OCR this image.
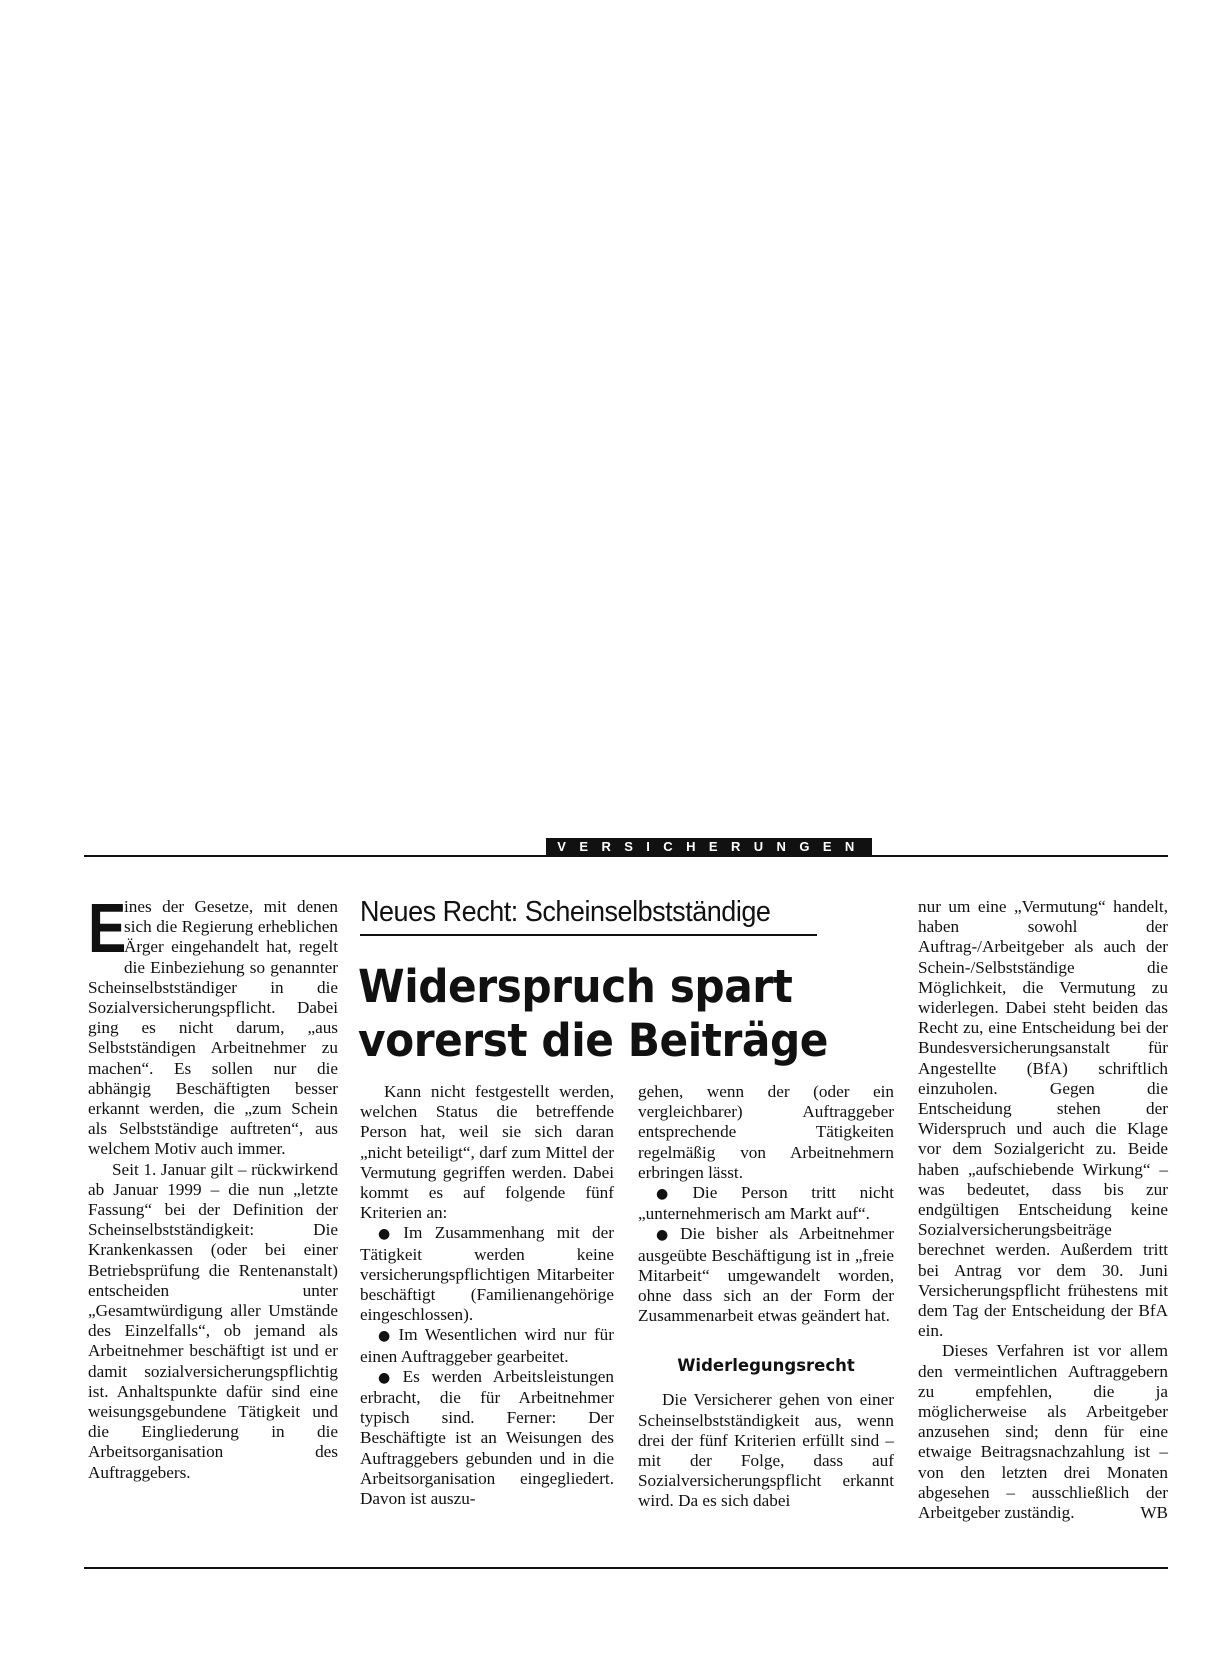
VERSICHERUNGEN

E
ines der Gesetze, mit denen sich die Regierung erheblichen Ärger eingehandelt hat, regelt die Einbeziehung so genannter Scheinselbstständiger in die Sozialversicherungspflicht. Dabei ging es nicht darum, „aus Selbstständigen Arbeitnehmer zu machen“. Es sollen nur die abhängig Beschäftigten besser erkannt werden, die „zum Schein als Selbstständige auftreten“, aus welchem Motiv auch immer.

Seit 1. Januar gilt – rückwirkend ab Januar 1999 – die nun „letzte Fassung“ bei der Definition der Scheinselbstständigkeit: Die Krankenkassen (oder bei einer Betriebsprüfung die Rentenanstalt) entscheiden unter „Gesamtwürdigung aller Umstände des Einzelfalls“, ob jemand als Arbeitnehmer beschäftigt ist und er damit sozialversicherungspflichtig ist. Anhaltspunkte dafür sind eine weisungsgebundene Tätigkeit und die Eingliederung in die Arbeitsorganisation des Auftraggebers.

Neues Recht: Scheinselbstständige
Widerspruch spart
vorerst die Beiträge

Kann nicht festgestellt werden, welchen Status die betreffende Person hat, weil sie sich daran „nicht beteiligt“, darf zum Mittel der Vermutung gegriffen werden. Dabei kommt es auf folgende fünf Kriterien an:

● Im Zusammenhang mit der Tätigkeit werden keine versicherungspflichtigen Mitarbeiter beschäftigt (Familienangehörige eingeschlossen).

● Im Wesentlichen wird nur für einen Auftraggeber gearbeitet.

● Es werden Arbeitsleistungen erbracht, die für Arbeitnehmer typisch sind. Ferner: Der Beschäftigte ist an Weisungen des Auftraggebers gebunden und in die Arbeitsorganisation eingegliedert. Davon ist auszu-

gehen, wenn der (oder ein vergleichbarer) Auftraggeber entsprechende Tätigkeiten regelmäßig von Arbeitnehmern erbringen lässt.

● Die Person tritt nicht „unternehmerisch am Markt auf“.

● Die bisher als Arbeitnehmer ausgeübte Beschäftigung ist in „freie Mitarbeit“ umgewandelt worden, ohne dass sich an der Form der Zusammenarbeit etwas geändert hat.

Widerlegungsrecht

Die Versicherer gehen von einer Scheinselbstständigkeit aus, wenn drei der fünf Kriterien erfüllt sind – mit der Folge, dass auf Sozialversicherungspflicht erkannt wird. Da es sich dabei

nur um eine „Vermutung“ handelt, haben sowohl der Auftrag-/Arbeitgeber als auch der Schein-/Selbstständige die Möglichkeit, die Vermutung zu widerlegen. Dabei steht beiden das Recht zu, eine Entscheidung bei der Bundesversicherungsanstalt für Angestellte (BfA) schriftlich einzuholen. Gegen die Entscheidung stehen der Widerspruch und auch die Klage vor dem Sozialgericht zu. Beide haben „aufschiebende Wirkung“ – was bedeutet, dass bis zur endgültigen Entscheidung keine Sozialversicherungsbeiträge berechnet werden. Außerdem tritt bei Antrag vor dem 30. Juni Versicherungspflicht frühestens mit dem Tag der Entscheidung der BfA ein.

Dieses Verfahren ist vor allem den vermeintlichen Auftraggebern zu empfehlen, die ja möglicherweise als Arbeitgeber anzusehen sind; denn für eine etwaige Beitragsnachzahlung ist – von den letzten drei Monaten abgesehen – ausschließlich der Arbeitgeber zuständig.	WB
